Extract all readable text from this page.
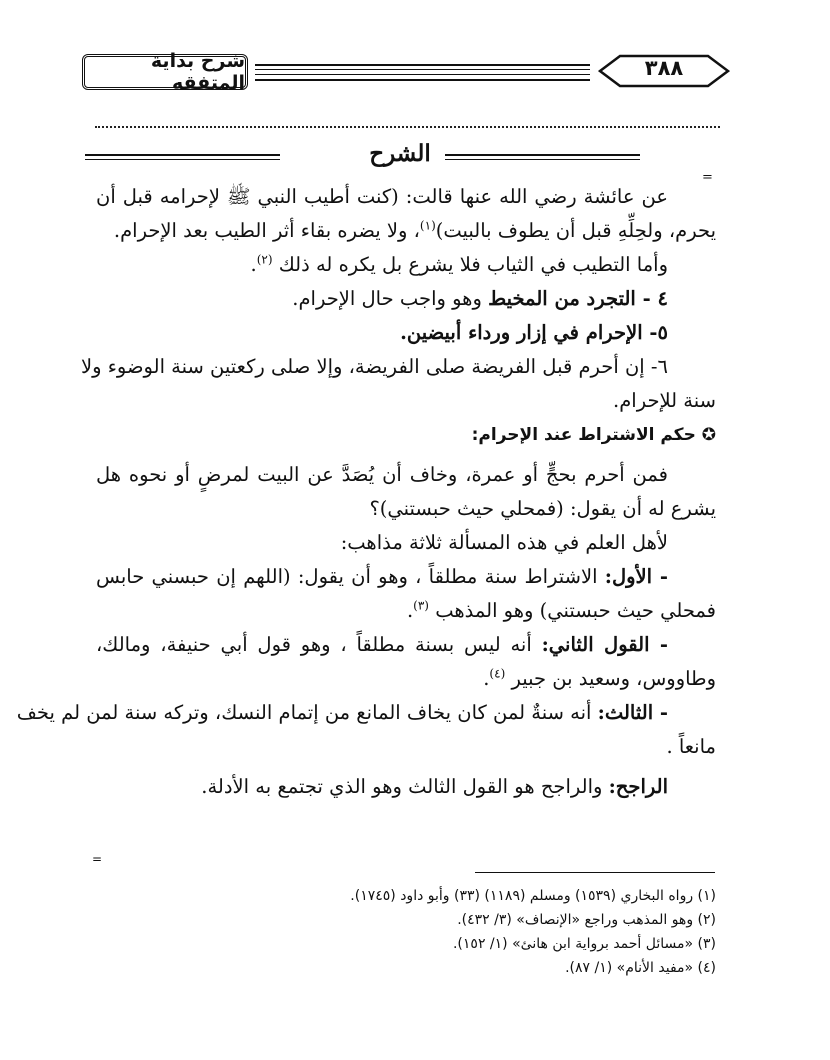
شرح بداية المتفقه
٣٨٨
الشرح
=
عن عائشة رضي الله عنها قالت: (كنت أطيب النبي ﷺ لإحرامه قبل أن
يحرم، ولحِلِّهِ قبل أن يطوف بالبيت)$^{(١)}$، ولا يضره بقاء أثر الطيب بعد الإحرام.
وأما التطيب في الثياب فلا يشرع بل يكره له ذلك $^{(٢)}$.
٤ - التجرد من المخيط وهو واجب حال الإحرام.
٥- الإحرام في إزار ورداء أبيضين.
٦- إن أحرم قبل الفريضة صلى الفريضة، وإلا صلى ركعتين سنة الوضوء ولا
سنة للإحرام.
✪ حكم الاشتراط عند الإحرام:
فمن أحرم بحجٍّ أو عمرة، وخاف أن يُصَدَّ عن البيت لمرضٍ أو نحوه هل
يشرع له أن يقول: (فمحلي حيث حبستني)؟
لأهل العلم في هذه المسألة ثلاثة مذاهب:
- الأول: الاشتراط سنة مطلقاً ، وهو أن يقول: (اللهم إن حبسني حابس
فمحلي حيث حبستني) وهو المذهب $^{(٣)}$.
- القول الثاني: أنه ليس بسنة مطلقاً ، وهو قول أبي حنيفة، ومالك،
وطاووس، وسعيد بن جبير $^{(٤)}$.
- الثالث: أنه سنةٌ لمن كان يخاف المانع من إتمام النسك، وتركه سنة لمن لم يخف
مانعاً .
الراجح: والراجح هو القول الثالث وهو الذي تجتمع به الأدلة.
=
(١) رواه البخاري (١٥٣٩) ومسلم (١١٨٩) (٣٣) وأبو داود (١٧٤٥).
(٢) وهو المذهب وراجع «الإنصاف» (٣/ ٤٣٢).
(٣) «مسائل أحمد برواية ابن هانئ» (١/ ١٥٢).
(٤) «مفيد الأنام» (١/ ٨٧).
